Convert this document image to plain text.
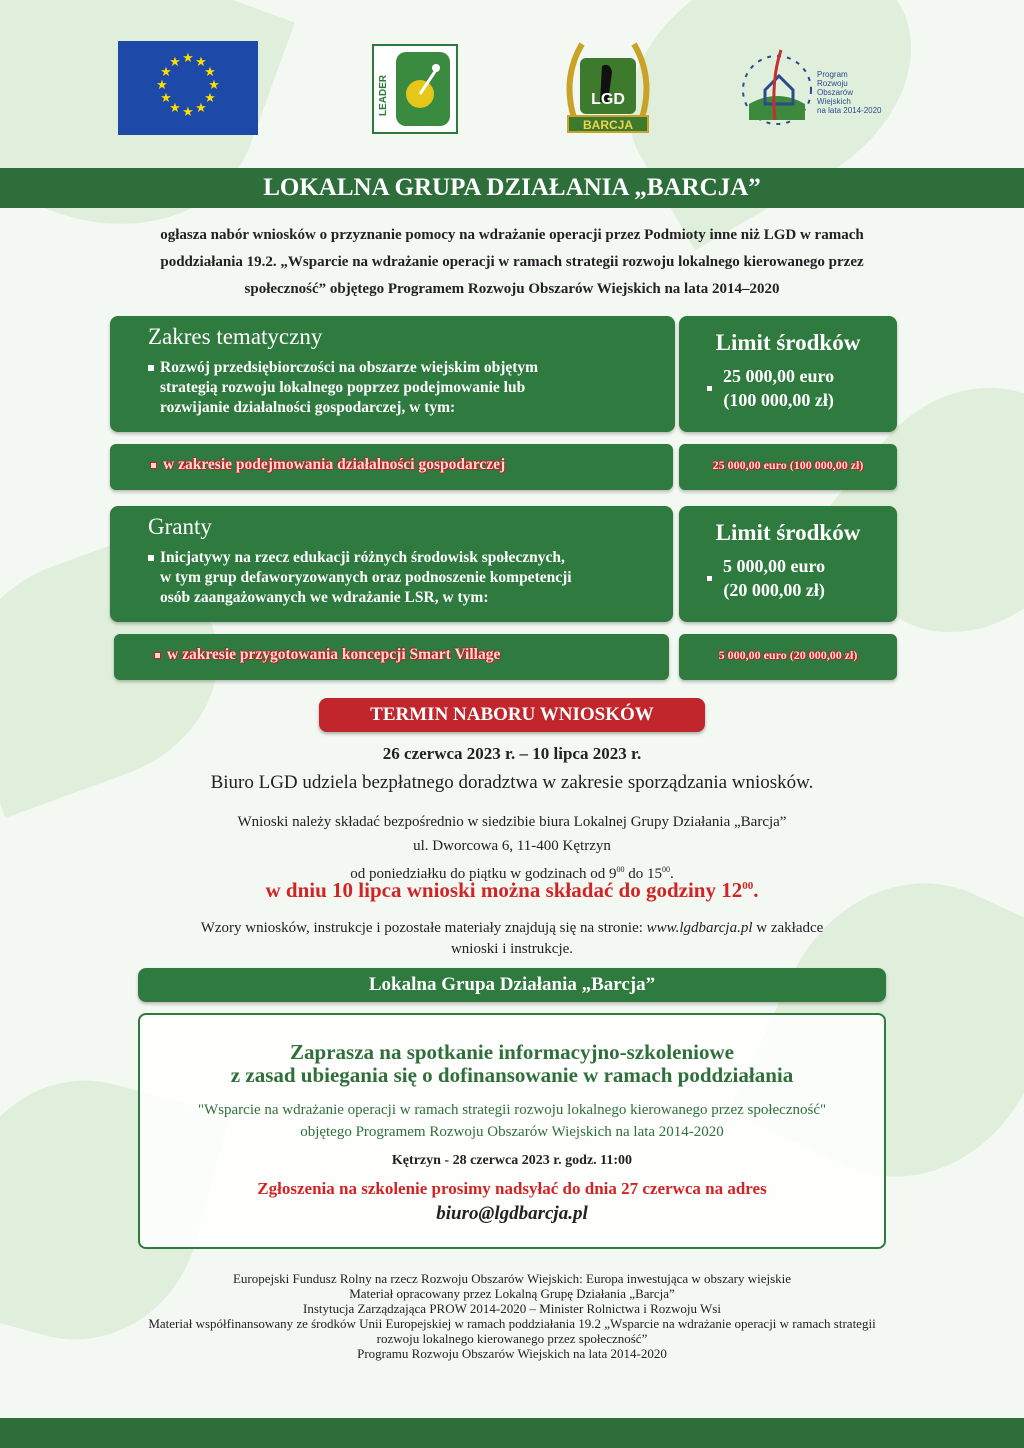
★ ★
★
★
★
★
★
★
★
★
★
★
LEADER	LGD
BARCJA
Program
Rozwoju
Obszarów
Wiejskich
na lata 2014-2020
LOKALNA GRUPA DZIAŁANIA „BARCJA”
ogłasza nabór wniosków o przyznanie pomocy na wdrażanie operacji przez Podmioty inne niż LGD w ramach
poddziałania 19.2. „Wsparcie na wdrażanie operacji w ramach strategii rozwoju lokalnego kierowanego przez
społeczność” objętego Programem Rozwoju Obszarów Wiejskich na lata 2014–2020
Zakres tematyczny
Rozwój przedsiębiorczości na obszarze wiejskim objętym
strategią rozwoju lokalnego poprzez podejmowanie lub
rozwijanie działalności gospodarczej, w tym:
Limit środków
25 000,00 euro
(100 000,00 zł)
w zakresie podejmowania działalności gospodarczej	25 000,00 euro (100 000,00 zł)
Granty
Inicjatywy na rzecz edukacji różnych środowisk społecznych,
w tym grup defaworyzowanych oraz podnoszenie kompetencji
osób zaangażowanych we wdrażanie LSR, w tym:
Limit środków
5 000,00 euro
(20 000,00 zł)
w zakresie przygotowania koncepcji Smart Village	5 000,00 euro (20 000,00 zł)
TERMIN NABORU WNIOSKÓW
26 czerwca 2023 r. – 10 lipca 2023 r.
Biuro LGD udziela bezpłatnego doradztwa w zakresie sporządzania wniosków.
Wnioski należy składać bezpośrednio w siedzibie biura Lokalnej Grupy Działania „Barcja”
ul. Dworcowa 6, 11-400 Kętrzyn
od poniedziałku do piątku w godzinach od $9^{00}$ do $15^{00}$.
w dniu 10 lipca wnioski można składać do godziny $12^{00}$.
Wzory wniosków, instrukcje i pozostałe materiały znajdują się na stronie: www.lgdbarcja.pl w zakładce
wnioski i instrukcje.
Lokalna Grupa Działania „Barcja”
Zaprasza na spotkanie informacyjno-szkoleniowe
z zasad ubiegania się o dofinansowanie w ramach poddziałania
"Wsparcie na wdrażanie operacji w ramach strategii rozwoju lokalnego kierowanego przez społeczność"
objętego Programem Rozwoju Obszarów Wiejskich na lata 2014-2020
Kętrzyn - 28 czerwca 2023 r. godz. 11:00
Zgłoszenia na szkolenie prosimy nadsyłać do dnia 27 czerwca na adres
biuro@lgdbarcja.pl
Europejski Fundusz Rolny na rzecz Rozwoju Obszarów Wiejskich: Europa inwestująca w obszary wiejskie
Materiał opracowany przez Lokalną Grupę Działania „Barcja”
Instytucja Zarządzająca PROW 2014-2020 – Minister Rolnictwa i Rozwoju Wsi
Materiał współfinansowany ze środków Unii Europejskiej w ramach poddziałania 19.2 „Wsparcie na wdrażanie operacji w ramach strategii
rozwoju lokalnego kierowanego przez społeczność”
Programu Rozwoju Obszarów Wiejskich na lata 2014-2020
